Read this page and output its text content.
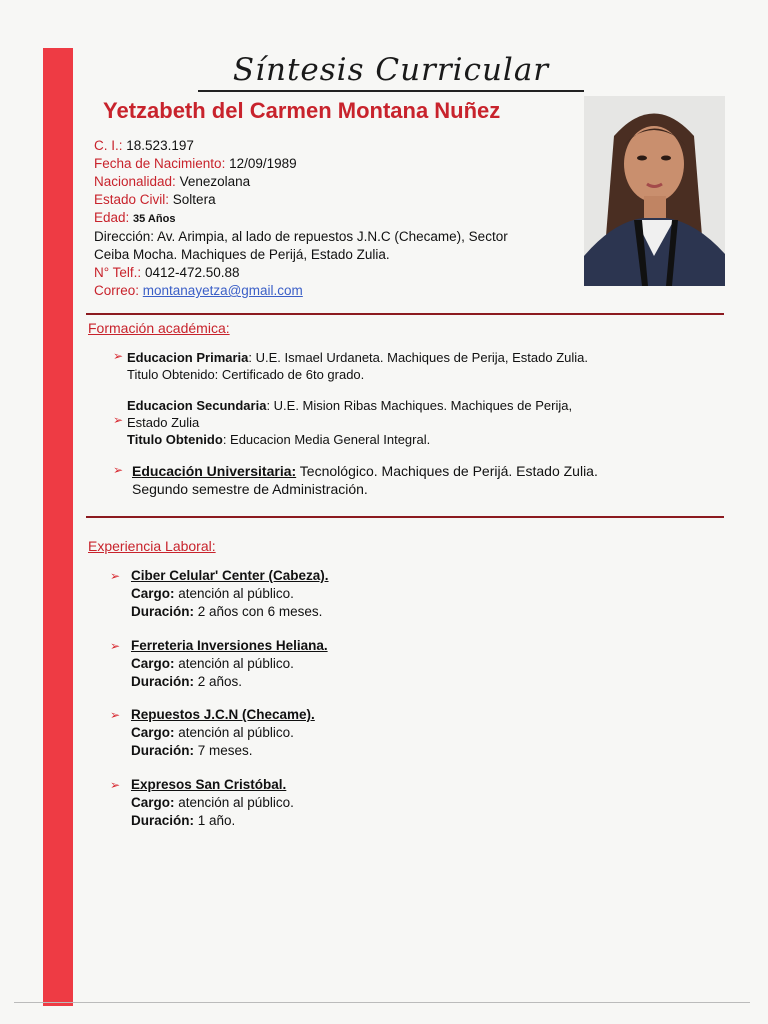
Síntesis Curricular
Yetzabeth del Carmen Montana Nuñez
C. I.: 18.523.197
Fecha de Nacimiento: 12/09/1989
Nacionalidad: Venezolana
Estado Civil: Soltera
Edad: 35 Años
Dirección: Av. Arimpia, al lado de repuestos J.N.C (Checame), Sector
Ceiba Mocha. Machiques de Perijá, Estado Zulia.
N° Telf.: 0412-472.50.88
Correo: montanayetza@gmail.com
Formación académica:
➢ Educacion Primaria: U.E. Ismael Urdaneta. Machiques de Perija, Estado Zulia.
Titulo Obtenido: Certificado de 6to grado.
➢
Educacion Secundaria: U.E. Mision Ribas Machiques. Machiques de Perija,
Estado Zulia
Titulo Obtenido: Educacion Media General Integral.
➢ Educación Universitaria: Tecnológico. Machiques de Perijá. Estado Zulia.
Segundo semestre de Administración.
Experiencia Laboral:
➢ Ciber Celular' Center (Cabeza).
Cargo: atención al público.
Duración: 2 años con 6 meses.
➢ Ferreteria Inversiones Heliana.
Cargo: atención al público.
Duración: 2 años.
➢ Repuestos J.C.N (Checame).
Cargo: atención al público.
Duración: 7 meses.
➢ Expresos San Cristóbal.
Cargo: atención al público.
Duración: 1 año.
